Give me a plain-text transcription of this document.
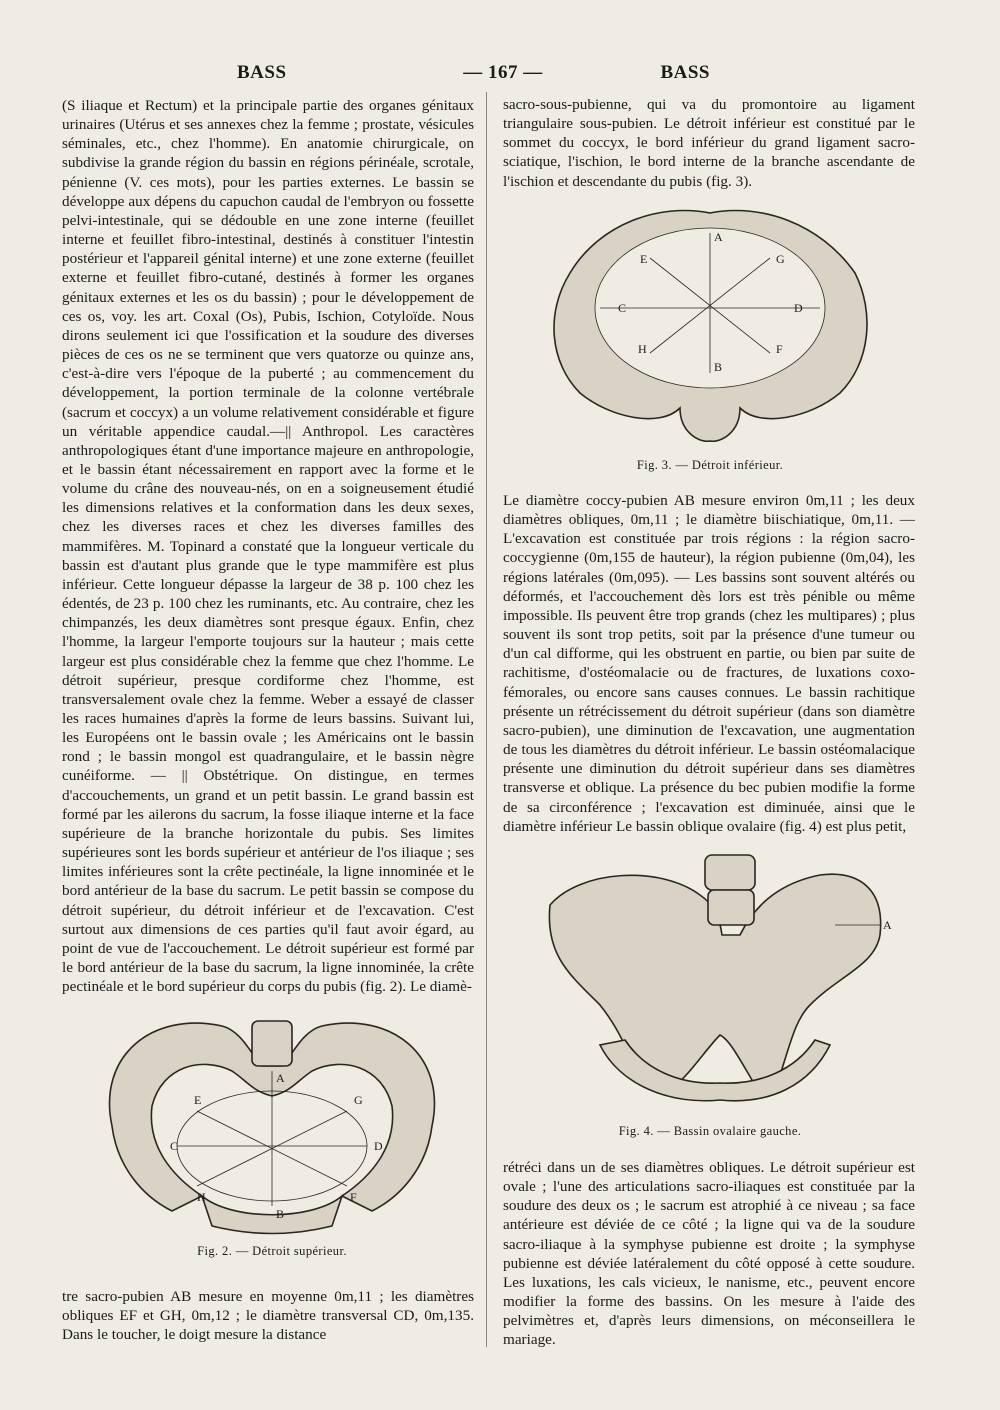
BASS	— 167 —	BASS

(S iliaque et Rectum) et la principale partie des organes génitaux urinaires (Utérus et ses annexes chez la femme ; prostate, vésicules séminales, etc., chez l'homme). En anatomie chirurgicale, on subdivise la grande région du bassin en régions périnéale, scrotale, pénienne (V. ces mots), pour les parties externes. Le bassin se développe aux dépens du capuchon caudal de l'embryon ou fossette pelvi-intestinale, qui se dédouble en une zone interne (feuillet interne et feuillet fibro-intestinal, destinés à constituer l'intestin postérieur et l'appareil génital interne) et une zone externe (feuillet externe et feuillet fibro-cutané, destinés à former les organes génitaux externes et les os du bassin) ; pour le développement de ces os, voy. les art. Coxal (Os), Pubis, Ischion, Cotyloïde. Nous dirons seulement ici que l'ossification et la soudure des diverses pièces de ces os ne se terminent que vers quatorze ou quinze ans, c'est-à-dire vers l'époque de la puberté ; au commencement du développement, la portion terminale de la colonne vertébrale (sacrum et coccyx) a un volume relativement considérable et figure un véritable appendice caudal.—|| Anthropol. Les caractères anthropologiques étant d'une importance majeure en anthropologie, et le bassin étant nécessairement en rapport avec la forme et le volume du crâne des nouveau-nés, on en a soigneusement étudié les dimensions relatives et la conformation dans les deux sexes, chez les diverses races et chez les diverses familles des mammifères. M. Topinard a constaté que la longueur verticale du bassin est d'autant plus grande que le type mammifère est plus inférieur. Cette longueur dépasse la largeur de 38 p. 100 chez les édentés, de 23 p. 100 chez les ruminants, etc. Au contraire, chez les chimpanzés, les deux diamètres sont presque égaux. Enfin, chez l'homme, la largeur l'emporte toujours sur la hauteur ; mais cette largeur est plus considérable chez la femme que chez l'homme. Le détroit supérieur, presque cordiforme chez l'homme, est transversalement ovale chez la femme. Weber a essayé de classer les races humaines d'après la forme de leurs bassins. Suivant lui, les Européens ont le bassin ovale ; les Américains ont le bassin rond ; le bassin mongol est quadrangulaire, et le bassin nègre cunéiforme. — || Obstétrique. On distingue, en termes d'accouchements, un grand et un petit bassin. Le grand bassin est formé par les ailerons du sacrum, la fosse iliaque interne et la face supérieure de la branche horizontale du pubis. Ses limites supérieures sont les bords supérieur et antérieur de l'os iliaque ; ses limites inférieures sont la crête pectinéale, la ligne innominée et le bord antérieur de la base du sacrum. Le petit bassin se compose du détroit supérieur, du détroit inférieur et de l'excavation. C'est surtout aux dimensions de ces parties qu'il faut avoir égard, au point de vue de l'accouchement. Le détroit supérieur est formé par le bord antérieur de la base du sacrum, la ligne innominée, la crête pectinéale et le bord supérieur du corps du pubis (fig. 2). Le diamè-

A
E	G
C	D
H	F
B
Fig. 2. — Détroit supérieur.

tre sacro-pubien AB mesure en moyenne 0m,11 ; les diamètres obliques EF et GH, 0m,12 ; le diamètre transversal CD, 0m,135. Dans le toucher, le doigt mesure la distance

sacro-sous-pubienne, qui va du promontoire au ligament triangulaire sous-pubien. Le détroit inférieur est constitué par le sommet du coccyx, le bord inférieur du grand ligament sacro-sciatique, l'ischion, le bord interne de la branche ascendante de l'ischion et descendante du pubis (fig. 3).

A
E	G
C	D
H	F
B
Fig. 3. — Détroit inférieur.

Le diamètre coccy-pubien AB mesure environ 0m,11 ; les deux diamètres obliques, 0m,11 ; le diamètre biischiatique, 0m,11. — L'excavation est constituée par trois régions : la région sacro-coccygienne (0m,155 de hauteur), la région pubienne (0m,04), les régions latérales (0m,095). — Les bassins sont souvent altérés ou déformés, et l'accouchement dès lors est très pénible ou même impossible. Ils peuvent être trop grands (chez les multipares) ; plus souvent ils sont trop petits, soit par la présence d'une tumeur ou d'un cal difforme, qui les obstruent en partie, ou bien par suite de rachitisme, d'ostéomalacie ou de fractures, de luxations coxo-fémorales, ou encore sans causes connues. Le bassin rachitique présente un rétrécissement du détroit supérieur (dans son diamètre sacro-pubien), une diminution de l'excavation, une augmentation de tous les diamètres du détroit inférieur. Le bassin ostéomalacique présente une diminution du détroit supérieur dans ses diamètres transverse et oblique. La présence du bec pubien modifie la forme de sa circonférence ; l'excavation est diminuée, ainsi que le diamètre inférieur Le bassin oblique ovalaire (fig. 4) est plus petit,

A
Fig. 4. — Bassin ovalaire gauche.

rétréci dans un de ses diamètres obliques. Le détroit supérieur est ovale ; l'une des articulations sacro-iliaques est constituée par la soudure des deux os ; le sacrum est atrophié à ce niveau ; sa face antérieure est déviée de ce côté ; la ligne qui va de la soudure sacro-iliaque à la symphyse pubienne est droite ; la symphyse pubienne est déviée latéralement du côté opposé à cette soudure. Les luxations, les cals vicieux, le nanisme, etc., peuvent encore modifier la forme des bassins. On les mesure à l'aide des pelvimètres et, d'après leurs dimensions, on méconseillera le mariage.
